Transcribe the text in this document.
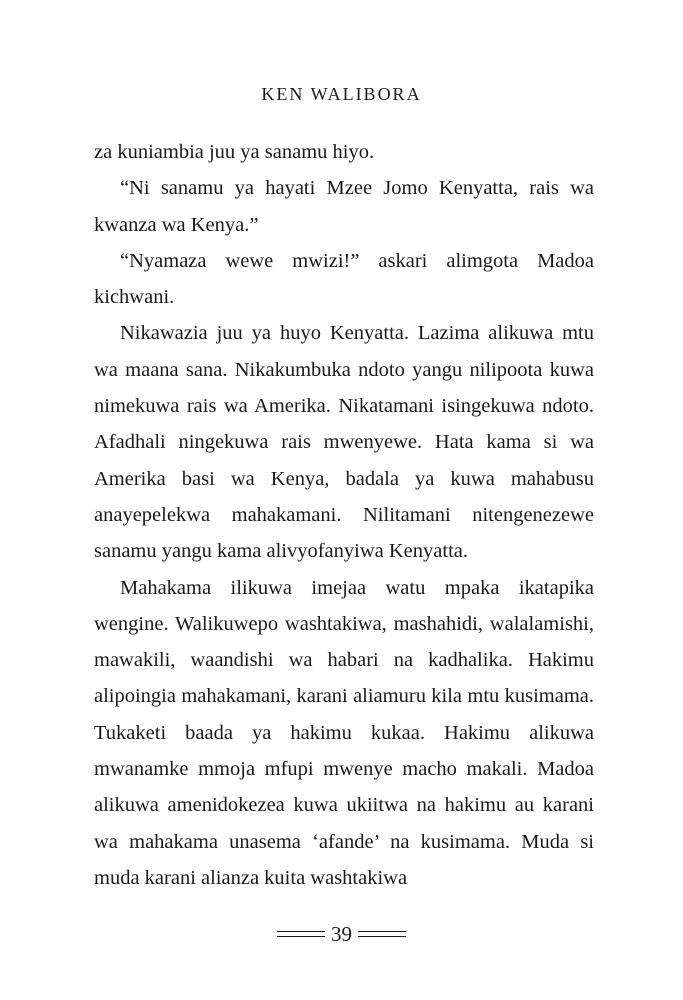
KEN WALIBORA

za kuniambia juu ya sanamu hiyo.

“Ni sanamu ya hayati Mzee Jomo Kenyatta, rais wa kwanza wa Kenya.”

“Nyamaza wewe mwizi!” askari alimgota Madoa kichwani.

Nikawazia juu ya huyo Kenyatta. Lazima alikuwa mtu wa maana sana. Nikakumbuka ndoto yangu nilipoota kuwa nimekuwa rais wa Amerika. Nikatamani isingekuwa ndoto. Afadhali ningekuwa rais mwenyewe. Hata kama si wa Amerika basi wa Kenya, badala ya kuwa mahabusu anayepelekwa mahakamani. Nilitamani nitengenezewe sanamu yangu kama alivyofanyiwa Kenyatta.

Mahakama ilikuwa imejaa watu mpaka ikatapika wengine. Walikuwepo washtakiwa, mashahidi, walalamishi, mawakili, waandishi wa habari na kadhalika. Hakimu alipoingia mahakamani, karani aliamuru kila mtu kusimama. Tukaketi baada ya hakimu kukaa. Hakimu alikuwa mwanamke mmoja mfupi mwenye macho makali. Madoa alikuwa amenidokezea kuwa ukiitwa na hakimu au karani wa mahakama unasema ‘afande’ na kusimama. Muda si muda karani alianza kuita washtakiwa

39
